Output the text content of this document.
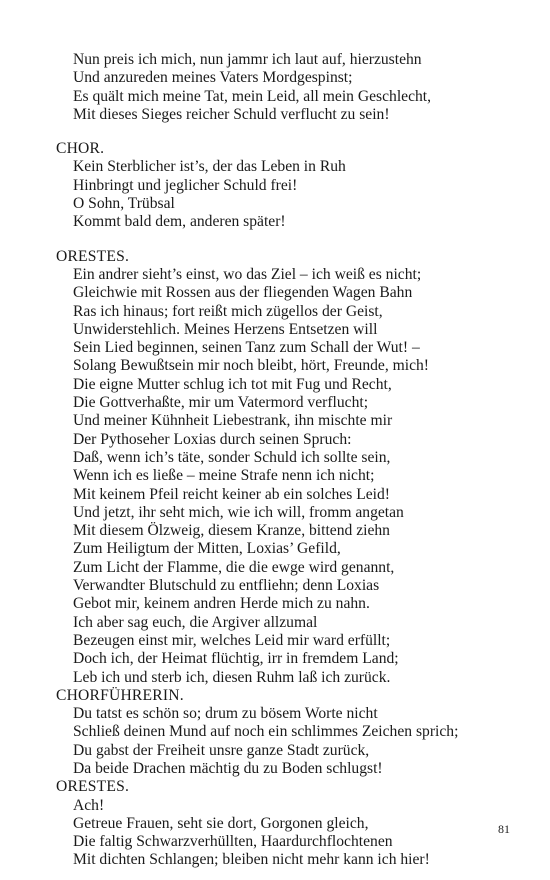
Nun preis ich mich, nun jammr ich laut auf, hierzustehn

Und anzureden meines Vaters Mordgespinst;

Es quält mich meine Tat, mein Leid, all mein Geschlecht,

Mit dieses Sieges reicher Schuld verflucht zu sein!

CHOR.

Kein Sterblicher ist’s, der das Leben in Ruh

Hinbringt und jeglicher Schuld frei!

O Sohn, Trübsal

Kommt bald dem, anderen später!

ORESTES.

Ein andrer sieht’s einst, wo das Ziel – ich weiß es nicht;

Gleichwie mit Rossen aus der fliegenden Wagen Bahn

Ras ich hinaus; fort reißt mich zügellos der Geist,

Unwiderstehlich. Meines Herzens Entsetzen will

Sein Lied beginnen, seinen Tanz zum Schall der Wut! –

Solang Bewußtsein mir noch bleibt, hört, Freunde, mich!

Die eigne Mutter schlug ich tot mit Fug und Recht,

Die Gottverhaßte, mir um Vatermord verflucht;

Und meiner Kühnheit Liebestrank, ihn mischte mir

Der Pythoseher Loxias durch seinen Spruch:

Daß, wenn ich’s täte, sonder Schuld ich sollte sein,

Wenn ich es ließe – meine Strafe nenn ich nicht;

Mit keinem Pfeil reicht keiner ab ein solches Leid!

Und jetzt, ihr seht mich, wie ich will, fromm angetan

Mit diesem Ölzweig, diesem Kranze, bittend ziehn

Zum Heiligtum der Mitten, Loxias’ Gefild,

Zum Licht der Flamme, die die ewge wird genannt,

Verwandter Blutschuld zu entfliehn; denn Loxias

Gebot mir, keinem andren Herde mich zu nahn.

Ich aber sag euch, die Argiver allzumal

Bezeugen einst mir, welches Leid mir ward erfüllt;

Doch ich, der Heimat flüchtig, irr in fremdem Land;

Leb ich und sterb ich, diesen Ruhm laß ich zurück.

CHORFÜHRERIN.

Du tatst es schön so; drum zu bösem Worte nicht

Schließ deinen Mund auf noch ein schlimmes Zeichen sprich;

Du gabst der Freiheit unsre ganze Stadt zurück,

Da beide Drachen mächtig du zu Boden schlugst!

ORESTES.

Ach!

Getreue Frauen, seht sie dort, Gorgonen gleich,

Die faltig Schwarzverhüllten, Haardurchflochtenen

Mit dichten Schlangen; bleiben nicht mehr kann ich hier!

81
